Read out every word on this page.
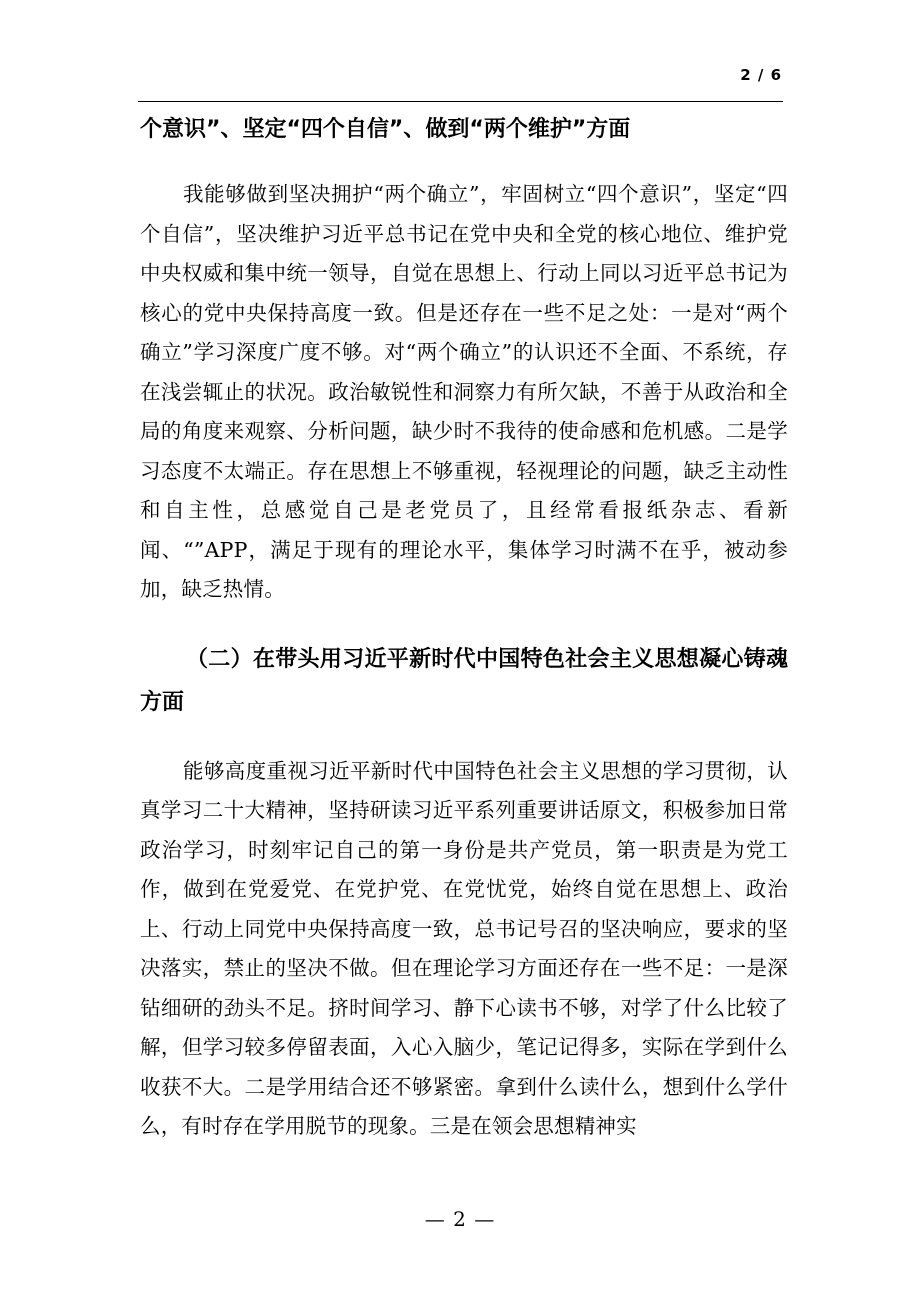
2 / 6

个意识”、坚定“四个自信”、做到“两个维护”方面

我能够做到坚决拥护“两个确立”，牢固树立“四个意识”，坚定“四个自信”，坚决维护习近平总书记在党中央和全党的核心地位、维护党中央权威和集中统一领导，自觉在思想上、行动上同以习近平总书记为核心的党中央保持高度一致。但是还存在一些不足之处：一是对“两个确立”学习深度广度不够。对“两个确立”的认识还不全面、不系统，存在浅尝辄止的状况。政治敏锐性和洞察力有所欠缺，不善于从政治和全局的角度来观察、分析问题，缺少时不我待的使命感和危机感。二是学习态度不太端正。存在思想上不够重视，轻视理论的问题，缺乏主动性和自主性，总感觉自己是老党员了，且经常看报纸杂志、看新闻、“”APP，满足于现有的理论水平，集体学习时满不在乎，被动参加，缺乏热情。

（二）在带头用习近平新时代中国特色社会主义思想凝心铸魂方面

能够高度重视习近平新时代中国特色社会主义思想的学习贯彻，认真学习二十大精神，坚持研读习近平系列重要讲话原文，积极参加日常政治学习，时刻牢记自己的第一身份是共产党员，第一职责是为党工作，做到在党爱党、在党护党、在党忧党，始终自觉在思想上、政治上、行动上同党中央保持高度一致，总书记号召的坚决响应，要求的坚决落实，禁止的坚决不做。但在理论学习方面还存在一些不足：一是深钻细研的劲头不足。挤时间学习、静下心读书不够，对学了什么比较了解，但学习较多停留表面，入心入脑少，笔记记得多，实际在学到什么收获不大。二是学用结合还不够紧密。拿到什么读什么，想到什么学什么，有时存在学用脱节的现象。三是在领会思想精神实

— 2 —
